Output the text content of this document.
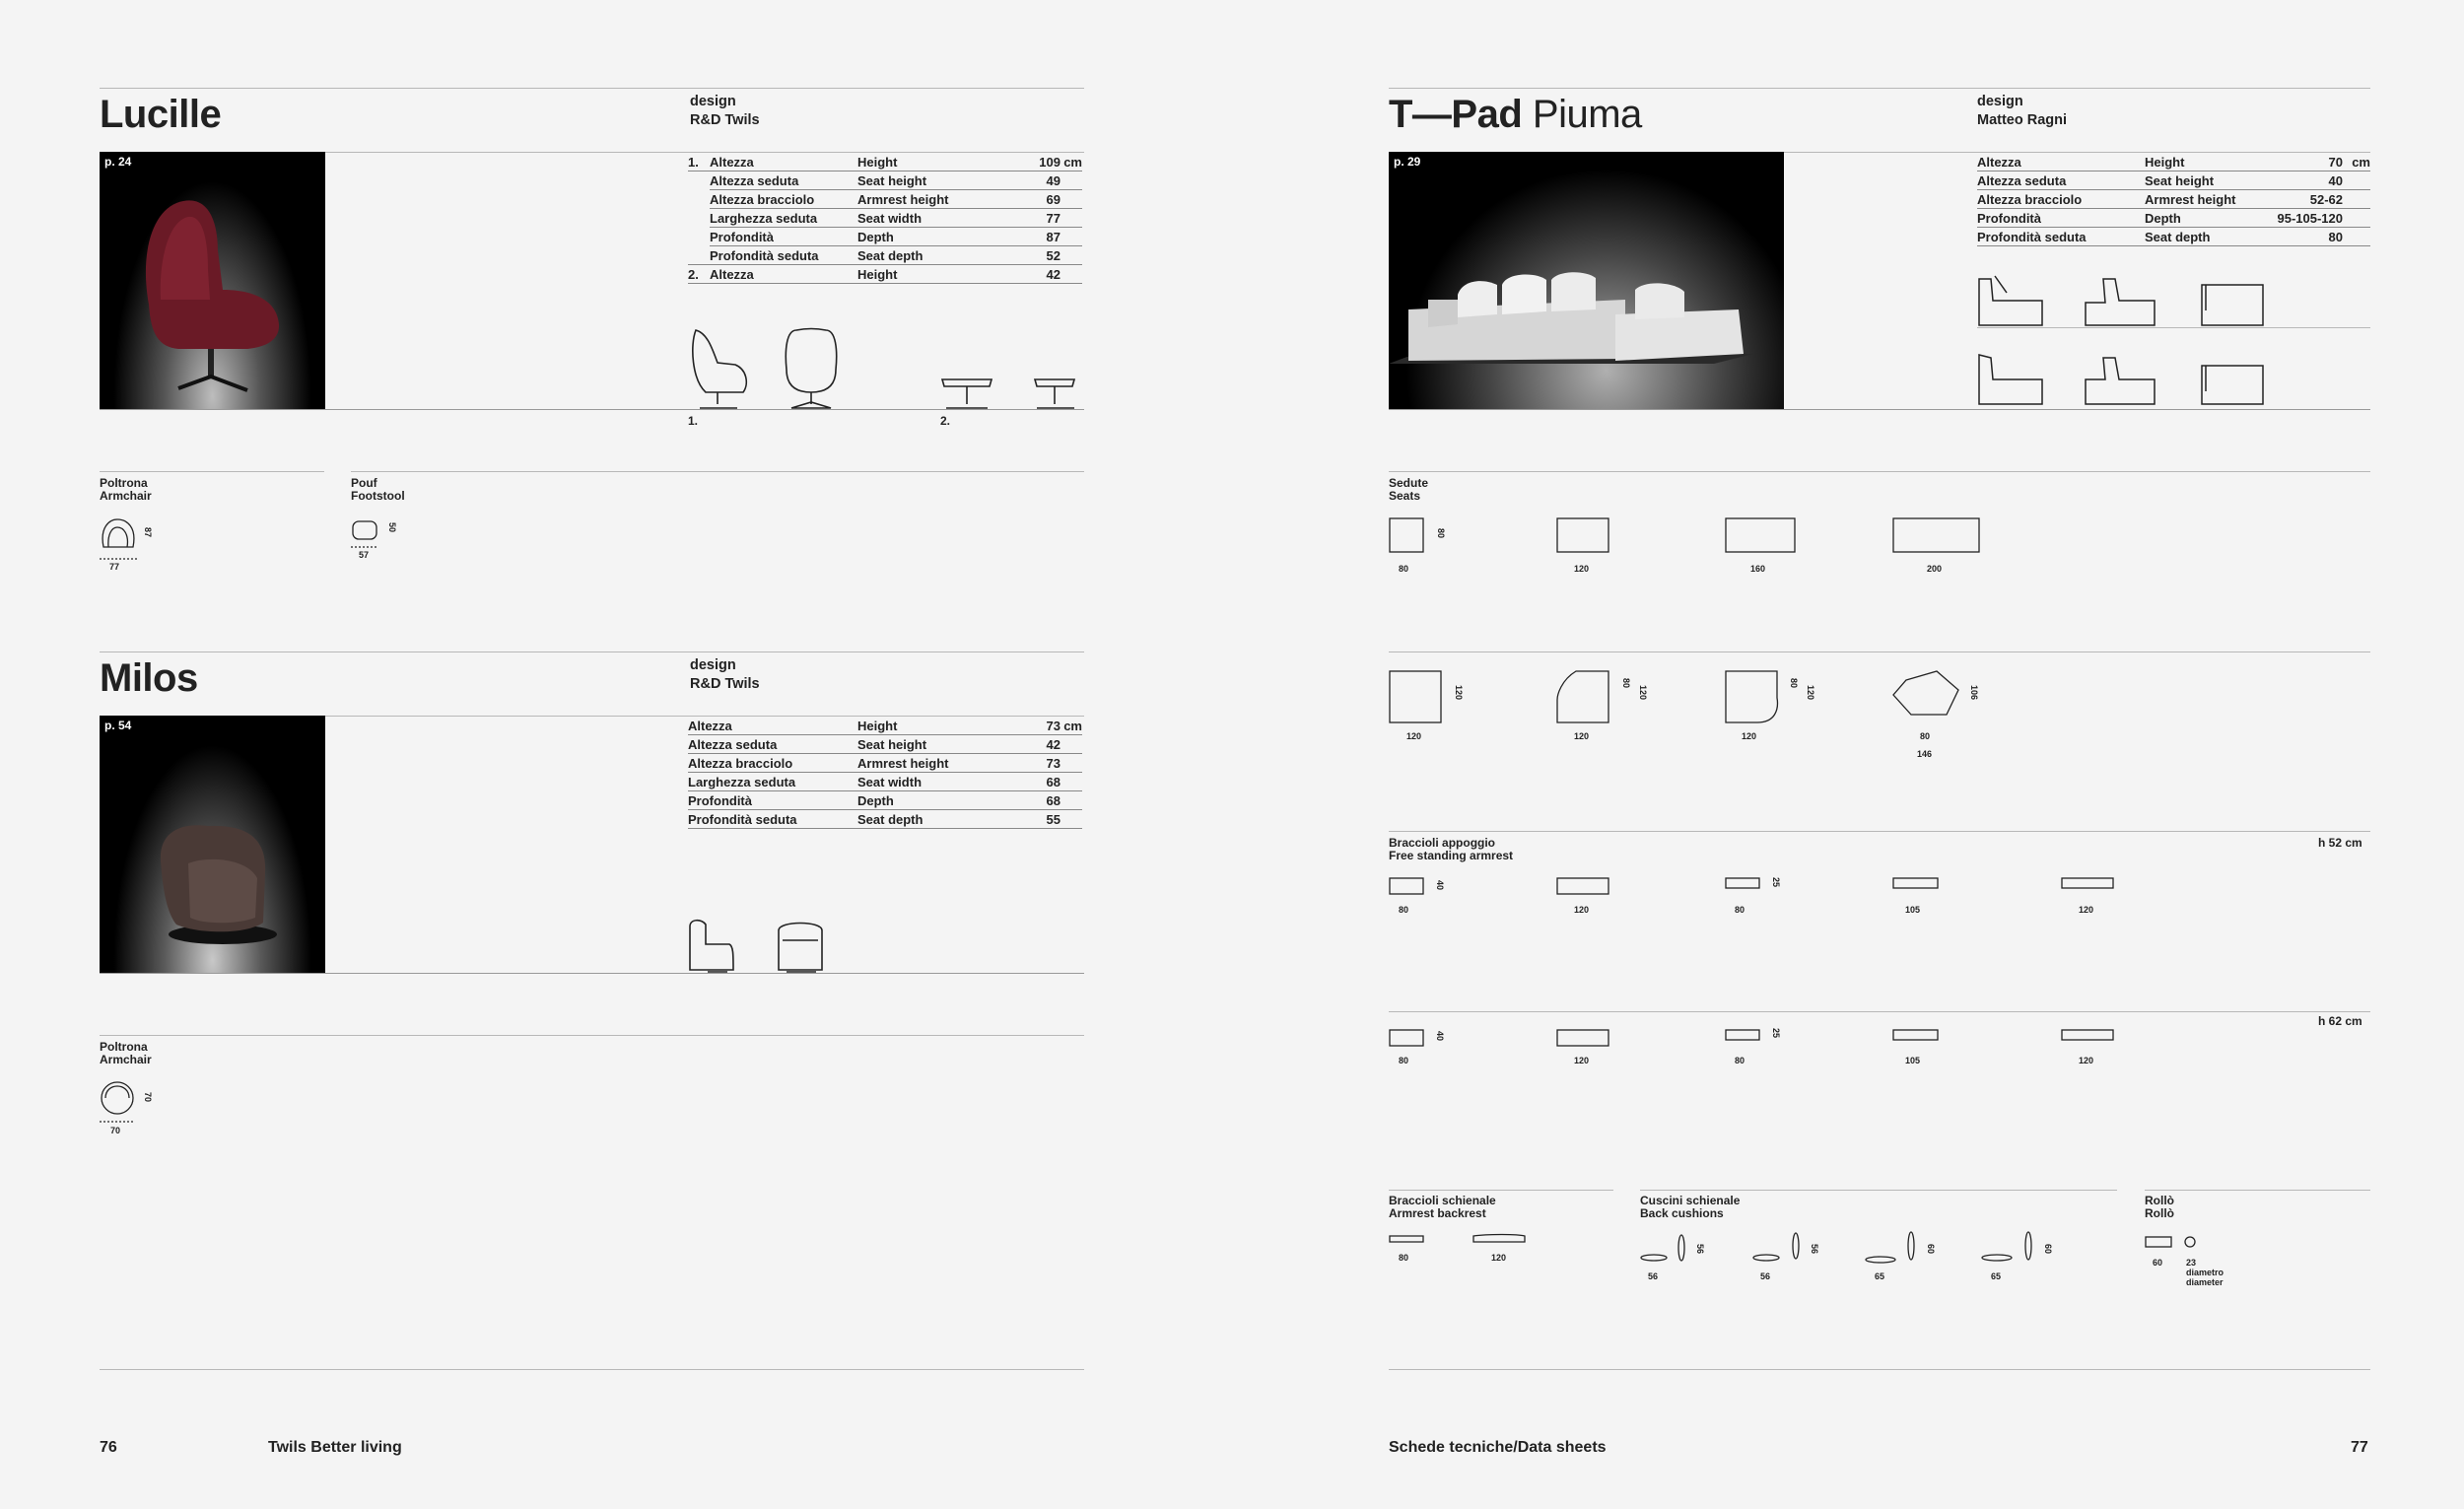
Lucille	design
R&D Twils
p. 24	1.	Altezza	Height	109	cm
	Altezza seduta	Seat height	49	
	Altezza bracciolo	Armrest height	69	
	Larghezza seduta	Seat width	77	
	Profondità	Depth	87	
	Profondità seduta	Seat depth	52	
2.	Altezza	Height	42	
1.	2.
Poltrona
Armchair
Pouf
Footstool
87
77
50
57
Milos	design
R&D Twils
p. 54	Altezza	Height	73	cm
Altezza seduta	Seat height	42	
Altezza bracciolo	Armrest height	73	
Larghezza seduta	Seat width	68	
Profondità	Depth	68	
Profondità seduta	Seat depth	55	
Poltrona
Armchair
70
70
76	Twils Better living
T—Pad Piuma	design
Matteo Ragni
p. 29	Altezza	Height	70	cm
Altezza seduta	Seat height	40	
Altezza bracciolo	Armrest height	52-62	
Profondità	Depth	95-105-120	
Profondità seduta	Seat depth	80	
Sedute
Seats
80
80	120	160	200
120
120
80
120
120
80
120
120
106
80
146
Braccioli appoggio
Free standing armrest
h 52 cm
40
80	120
25
80	105	120
h 62 cm
40
80	120
25
80	105	120
Braccioli schienale
Armrest backrest
80	120
Cuscini schienale
Back cushions
56
56
56
56
65
60
65
60
Rollò
Rollò
60	23
diametro
diameter
Schede tecniche/Data sheets	77
